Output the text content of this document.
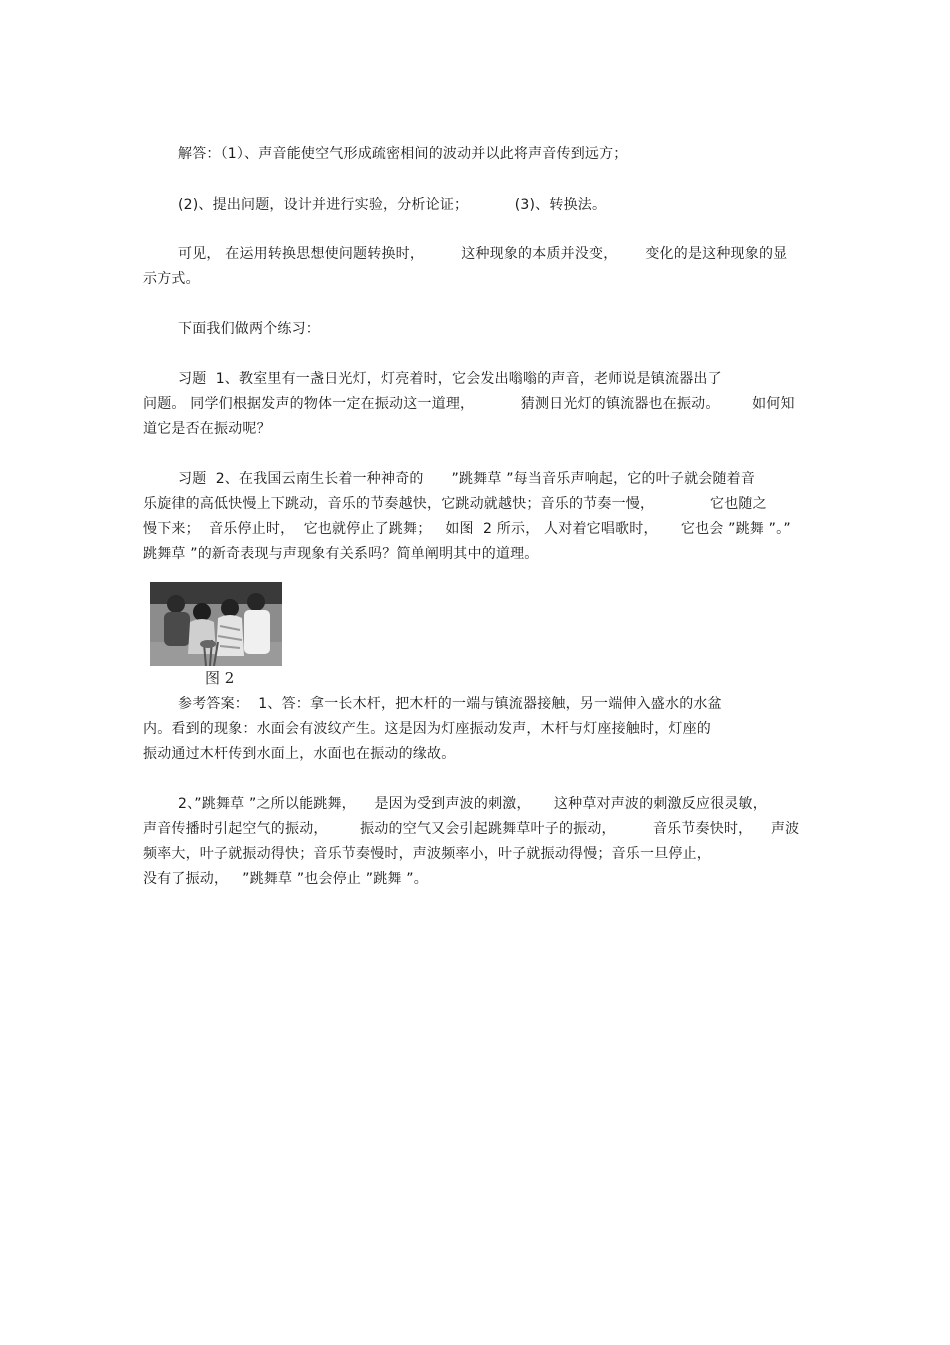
解答：（1）、声音能使空气形成疏密相间的波动并以此将声音传到远方；
(2)、提出问题，设计并进行实验，分析论证；          (3)、转换法。
可见， 在运用转换思想使问题转换时，        这种现象的本质并没变，      变化的是这种现象的显
示方式。
下面我们做两个练习：
习题  1、教室里有一盏日光灯，灯亮着时，它会发出嗡嗡的声音，老师说是镇流器出了
问题。 同学们根据发声的物体一定在振动这一道理，          猜测日光灯的镇流器也在振动。       如何知
道它是否在振动呢？
习题  2、在我国云南生长着一种神奇的      ”跳舞草 ”每当音乐声响起，它的叶子就会随着音
乐旋律的高低快慢上下跳动，音乐的节奏越快，它跳动就越快；音乐的节奏一慢，            它也随之
慢下来；  音乐停止时，  它也就停止了跳舞；   如图  2 所示， 人对着它唱歌时，     它也会 ”跳舞 ”。”
跳舞草 ”的新奇表现与声现象有关系吗？简单阐明其中的道理。
图 2
参考答案：  1、答：拿一长木杆，把木杆的一端与镇流器接触，另一端伸入盛水的水盆
内。看到的现象：水面会有波纹产生。这是因为灯座振动发声，木杆与灯座接触时，灯座的
振动通过木杆传到水面上，水面也在振动的缘故。
2、”跳舞草 ”之所以能跳舞，    是因为受到声波的刺激，     这种草对声波的刺激反应很灵敏，
声音传播时引起空气的振动，       振动的空气又会引起跳舞草叶子的振动，        音乐节奏快时，    声波
频率大，叶子就振动得快；音乐节奏慢时，声波频率小，叶子就振动得慢；音乐一旦停止，
没有了振动，   ”跳舞草 ”也会停止 ”跳舞 ”。
